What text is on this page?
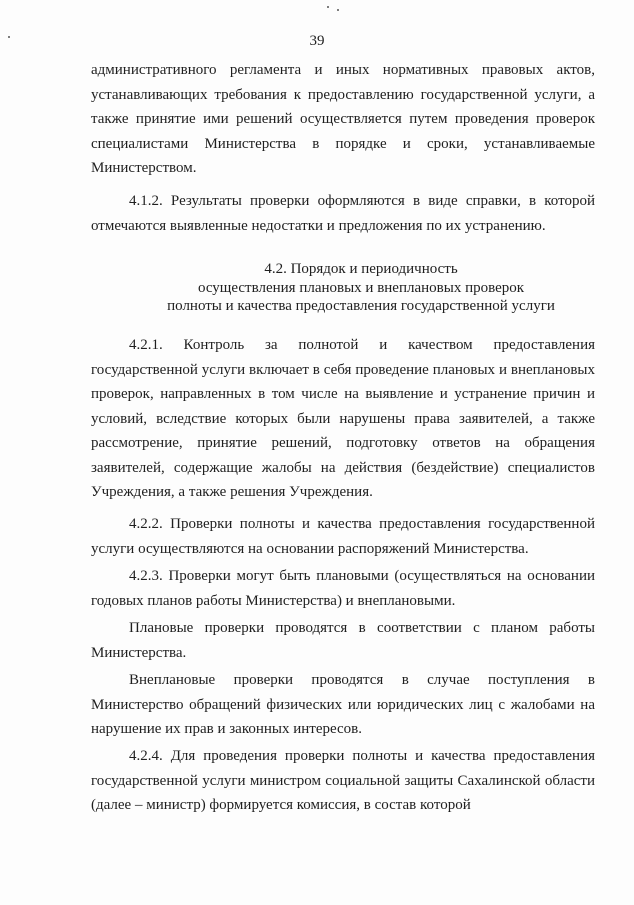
39

административного регламента и иных нормативных правовых актов, устанавливающих требования к предоставлению государственной услуги, а также принятие ими решений осуществляется путем проведения проверок специалистами Министерства в порядке и сроки, устанавливаемые Министерством.

4.1.2. Результаты проверки оформляются в виде справки, в которой отмечаются выявленные недостатки и предложения по их устранению.

4.2. Порядок и периодичность
осуществления плановых и внеплановых проверок
полноты и качества предоставления государственной услуги

4.2.1. Контроль за полнотой и качеством предоставления государственной услуги включает в себя проведение плановых и внеплановых проверок, направленных в том числе на выявление и устранение причин и условий, вследствие которых были нарушены права заявителей, а также рассмотрение, принятие решений, подготовку ответов на обращения заявителей, содержащие жалобы на действия (бездействие) специалистов Учреждения, а также решения Учреждения.

4.2.2. Проверки полноты и качества предоставления государственной услуги осуществляются на основании распоряжений Министерства.

4.2.3. Проверки могут быть плановыми (осуществляться на основании годовых планов работы Министерства) и внеплановыми.

Плановые проверки проводятся в соответствии с планом работы Министерства.

Внеплановые проверки проводятся в случае поступления в Министерство обращений физических или юридических лиц с жалобами на нарушение их прав и законных интересов.

4.2.4. Для проведения проверки полноты и качества предоставления государственной услуги министром социальной защиты Сахалинской области (далее – министр) формируется комиссия, в состав которой
